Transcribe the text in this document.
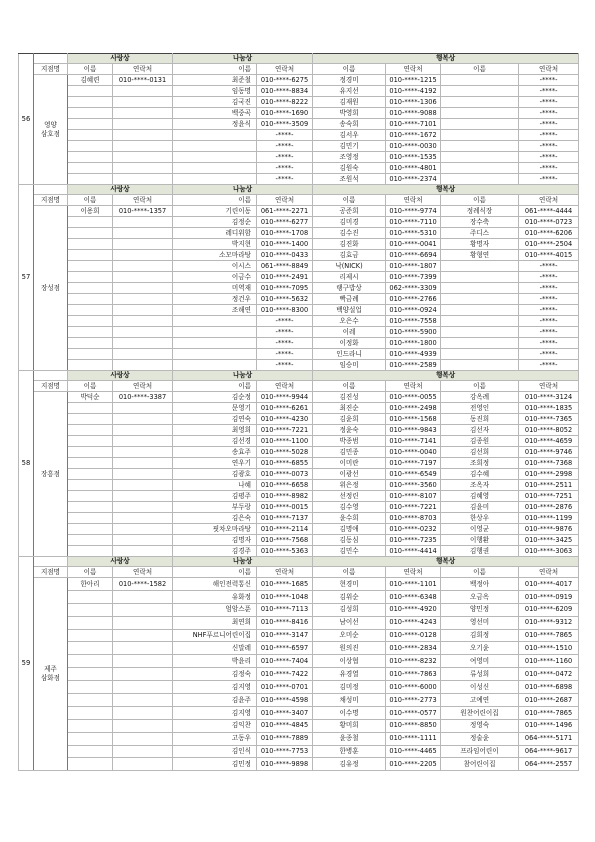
56		사랑상		나눔상		행복상			
	지점명	이름	연락처	이름	연락처	이름	연락처	이름	연락처

	영양
삼호점	김혜련	010-****-0131	최준철	010-****-6275	정경미	010-****-1215		-****-
				임동명	010-****-8834	유지선	010-****-4192		-****-
				김국진	010-****-8222	김재원	010-****-1306		-****-
				백중곡	010-****-1690	박영희	010-****-9088		-****-
				정윤식	010-****-3509	송숙희	010-****-7101		-****-
					-****-	김서우	010-****-1672		-****-
					-****-	김민기	010-****-0030		-****-
					-****-	조영정	010-****-1535		-****-
					-****-	김원숙	010-****-4801		-****-
					-****-	조원석	010-****-2374		-****-
57		사랑상		나눔상		행복상			
	지점명	이름	연락처	이름	연락처	이름	연락처	이름	연락처

	장성점	이용희	010-****-1357	기린이동	061-****-2271	공준희	010-****-9774	정례식장	061-****-4444
				김정순	010-****-6277	김미경	010-****-7110	장수축	010-****-0723
				레디위함	010-****-1708	김수진	010-****-5310	주디스	010-****-6206
				박지현	010-****-1400	김진화	010-****-0041	황명자	010-****-2504
				소모마라탕	010-****-0433	김효금	010-****-6694	황형연	010-****-4015
				이시스	061-****-8849	낙(NICK)	010-****-1807		-****-
				이금수	010-****-2491	리제시	010-****-7399		-****-
				미역재	010-****-7095	랭구밥상	062-****-3309		-****-
				정건우	010-****-5632	빡금례	010-****-2766		-****-
				조해연	010-****-8300	백양설업	010-****-0924		-****-
					-****-	오은수	010-****-7558		-****-
					-****-	이레	010-****-5900		-****-
					-****-	이정화	010-****-1800		-****-
					-****-	인드라니	010-****-4939		-****-
					-****-	임승미	010-****-2589		-****-
58		사랑상		나눔상		행복상			
	지점명	이름	연락처	이름	연락처	이름	연락처	이름	연락처

	장흥점	박덕순	010-****-3387	김순정	010-****-9944	김진성	010-****-0055	강옥례	010-****-3124
				문영기	010-****-6261	최진순	010-****-2498	전영인	010-****-1835
				김연숙	010-****-4230	김윤희	010-****-1568	동진희	010-****-7365
				최영희	010-****-7221	정윤숙	010-****-9843	김선자	010-****-8052
				김선경	010-****-1100	박종범	010-****-7141	김종원	010-****-4659
				송효주	010-****-5028	김민종	010-****-0040	김선희	010-****-9746
				연우기	010-****-6855	이미란	010-****-7197	조희정	010-****-7368
				김광호	010-****-0073	이광선	010-****-6549	김수혜	010-****-2998
				나혜	010-****-6658	위은정	010-****-3560	조옥자	010-****-2511
				김평주	010-****-8982	선정린	010-****-8107	김혜영	010-****-7251
				부두랑	010-****-0015	김수영	010-****-7221	김윤미	010-****-2876
				김은숙	010-****-7137	윤수희	010-****-8703	한상우	010-****-1199
				핏차오마라탕	010-****-2114	김명애	010-****-0232	이영균	010-****-9876
				김명자	010-****-7568	김동심	010-****-7235	이행환	010-****-3425
				김경주	010-****-5363	김민수	010-****-4414	김행권	010-****-3063
59		사랑상		나눔상		행복상			
	지점명	이름	연락처	이름	연락처	이름	연락처	이름	연락처

	제주
삼화점	한아리	010-****-1582	해인전력통신	010-****-1685	현경미	010-****-1101	백정아	010-****-4017
				유화정	010-****-1048	김위순	010-****-6348	오금옥	010-****-0919
				엄암스푼	010-****-7113	김성희	010-****-4920	양민정	010-****-6209
				최연희	010-****-8416	남이선	010-****-4243	영선미	010-****-9312
				NHF푸르니어린이집	010-****-3147	오미순	010-****-0128	김희정	010-****-7865
				신말레	010-****-6597	원의진	010-****-2834	오기윤	010-****-1510
				박윤리	010-****-7404	이상협	010-****-8232	여영미	010-****-1160
				김정숙	010-****-7422	유경열	010-****-7863	류성희	010-****-0472
				김지영	010-****-0701	김미정	010-****-6000	이성신	010-****-6898
				김윤주	010-****-4598	채성미	010-****-2773	고예연	010-****-2687
				김지영	010-****-3407	이수명	010-****-0577	원찬어린이집	010-****-7865
				김익찬	010-****-4845	황미희	010-****-8850	정영숙	010-****-1496
				고동우	010-****-7889	윤종철	010-****-1111	정술윤	064-****-5171
				김인식	010-****-7753	한병훈	010-****-4465	프라임어린이	064-****-9617
				김민정	010-****-9898	김유정	010-****-2205	참어린이집	064-****-2557
